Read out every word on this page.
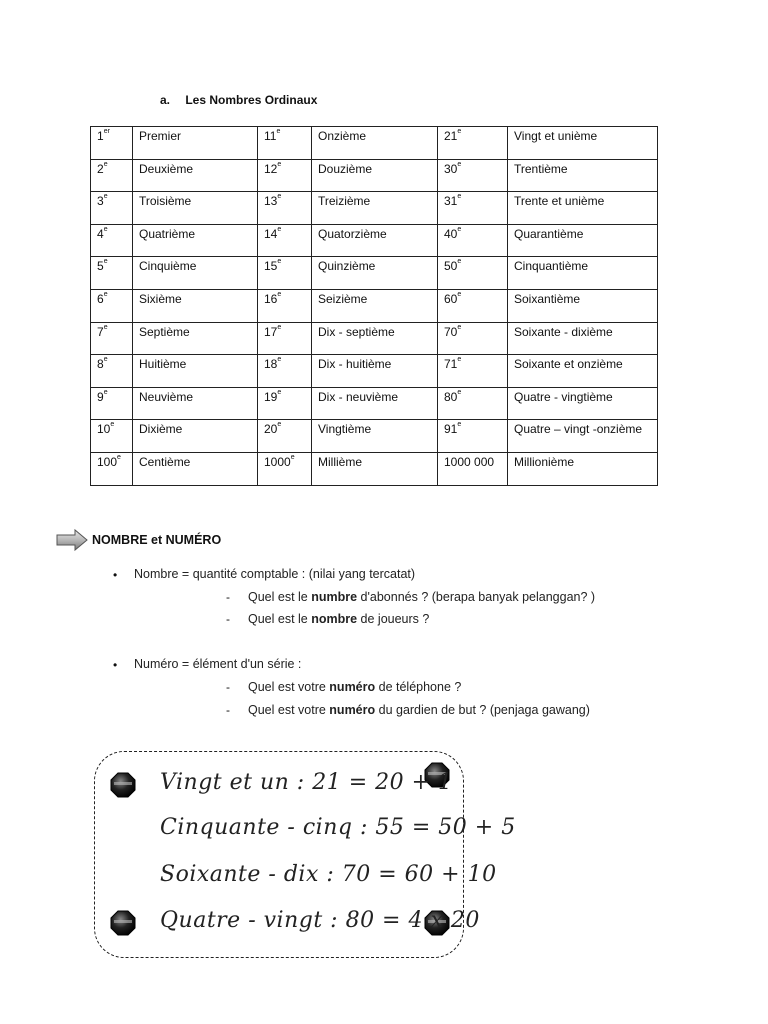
a. Les Nombres Ordinaux
1er	Premier	11e	Onzième	21e	Vingt et unième
2e	Deuxième	12e	Douzième	30e	Trentième
3e	Troisième	13e	Treizième	31e	Trente et unième
4e	Quatrième	14e	Quatorzième	40e	Quarantième
5e	Cinquième	15e	Quinzième	50e	Cinquantième
6e	Sixième	16e	Seizième	60e	Soixantième
7e	Septième	17e	Dix - septième	70e	Soixante - dixième
8e	Huitième	18e	Dix - huitième	71e	Soixante et onzième
9e	Neuvième	19e	Dix - neuvième	80e	Quatre - vingtième
10e	Dixième	20e	Vingtième	91e	Quatre – vingt -onzième
100e	Centième	1000e	Millième	1000 000	Millionième
NOMBRE et NUMÉRO
• Nombre = quantité comptable : (nilai yang tercatat)
- Quel est le numbre d'abonnés ? (berapa banyak pelanggan? )
- Quel est le nombre de joueurs ?
• Numéro = élément d'un série :
- Quel est votre numéro de téléphone ?
- Quel est votre numéro du gardien de but ? (penjaga gawang)
Vingt et un : 21 = 20 + 1
Cinquante - cinq : 55 = 50 + 5
Soixante - dix : 70 = 60 + 10
Quatre - vingt : 80 = 4 x 20
